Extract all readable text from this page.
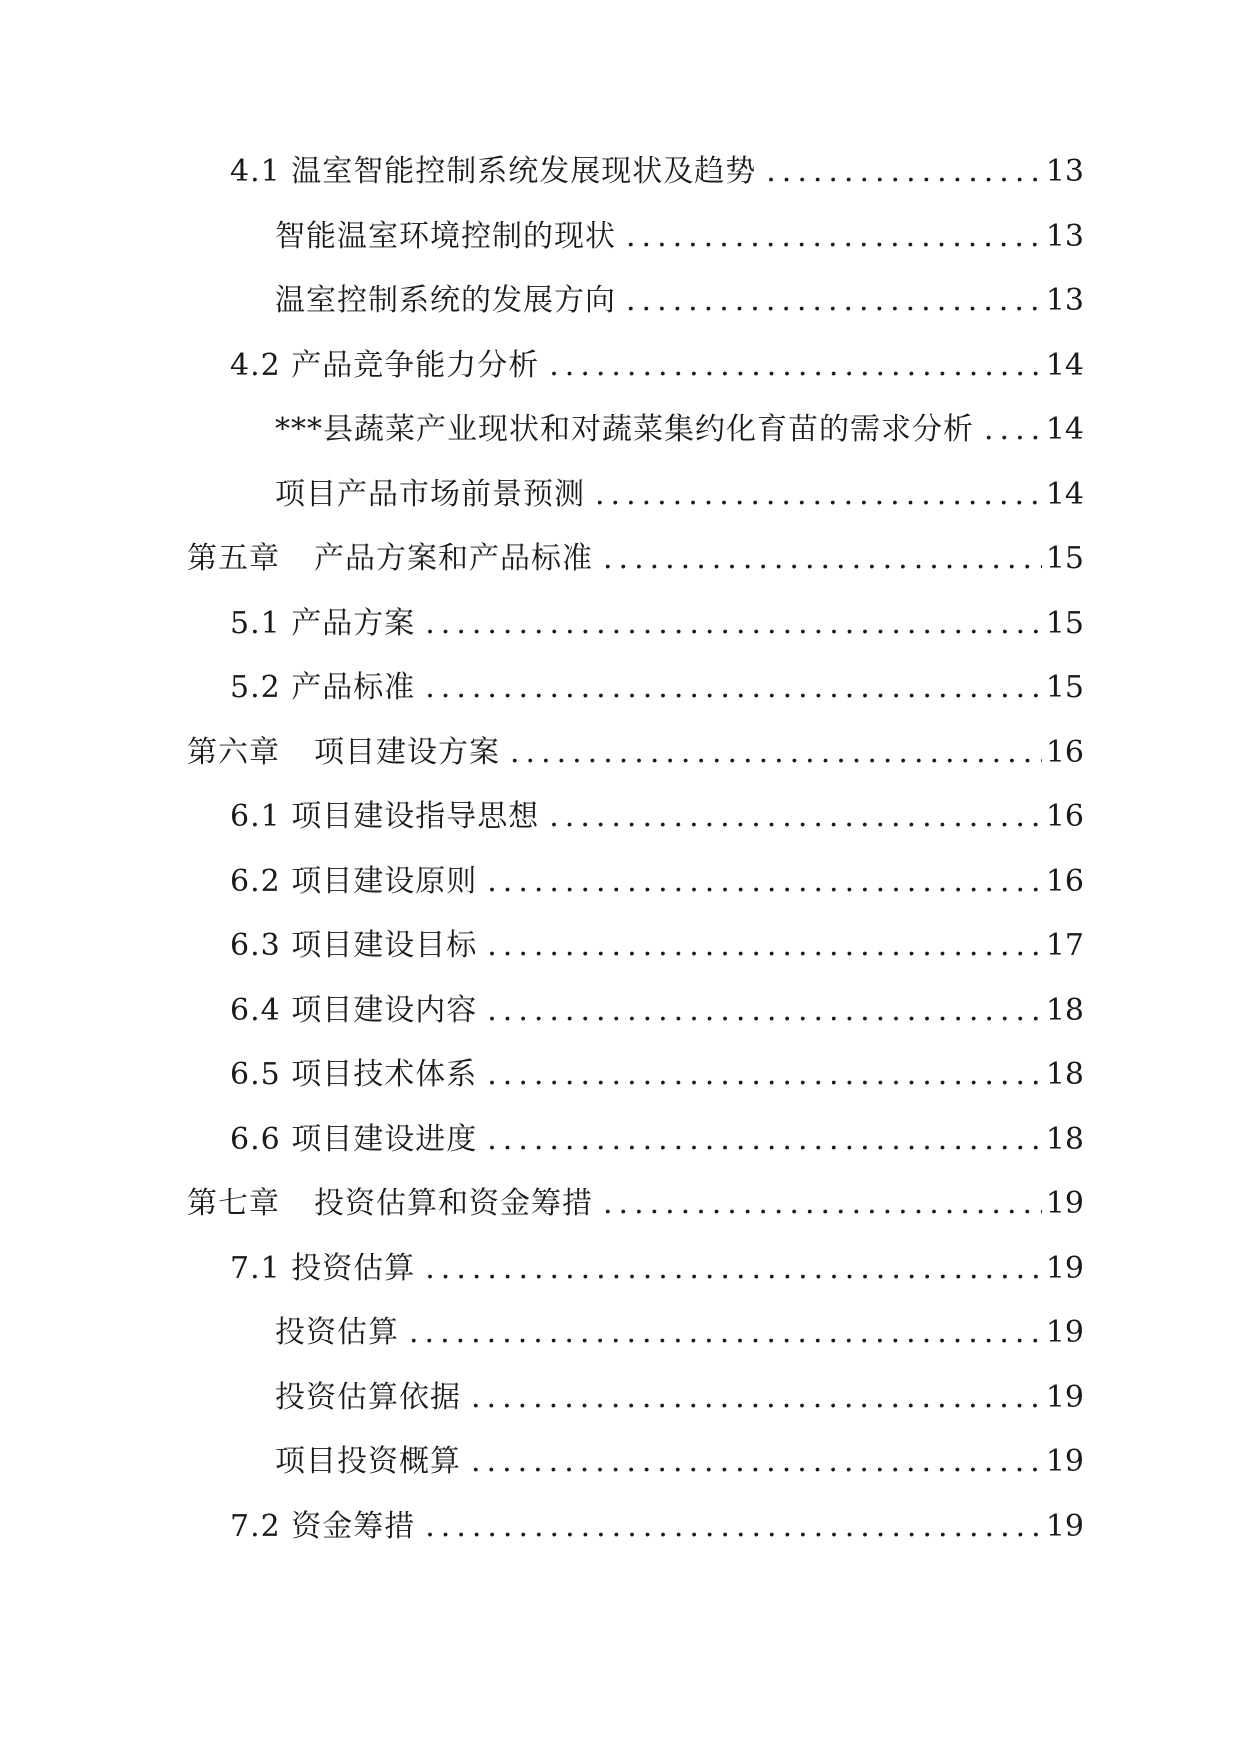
4.1 温室智能控制系统发展现状及趋势 .....	13
智能温室环境控制的现状 .....	13
温室控制系统的发展方向 .....	13
4.2 产品竞争能力分析 .....	14
***县蔬菜产业现状和对蔬菜集约化育苗的需求分析 ..... 14
项目产品市场前景预测 .....	14
第五章 产品方案和产品标准 .....	15
5.1 产品方案 .....	15
5.2 产品标准 .....	15
第六章 项目建设方案 .....	16
6.1 项目建设指导思想 .....	16
6.2 项目建设原则 .....	16
6.3 项目建设目标 .....	17
6.4 项目建设内容 .....	18
6.5 项目技术体系 .....	18
6.6 项目建设进度 .....	18
第七章 投资估算和资金筹措 .....	19
7.1 投资估算 .....	19
投资估算 .....	19
投资估算依据 .....	19
项目投资概算 .....	19
7.2 资金筹措 .....	19
